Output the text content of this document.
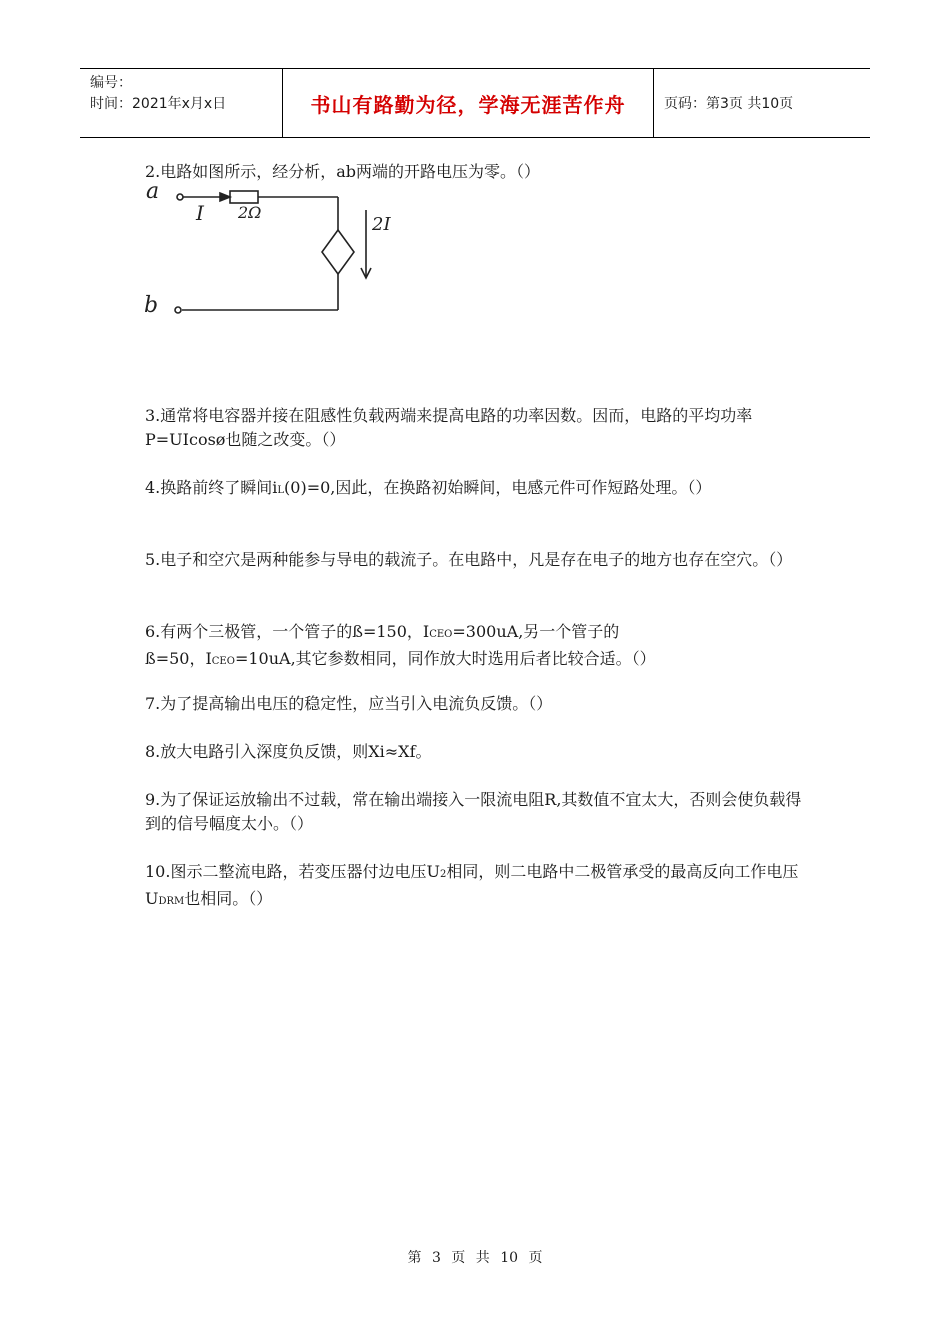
编号：
时间：2021年x月x日	书山有路勤为径，学海无涯苦作舟	页码：第3页 共10页

2.电路如图所示，经分析，ab两端的开路电压为零。（）

a
b
I 2Ω
2I

3.通常将电容器并接在阻感性负载两端来提高电路的功率因数。因而，电路的平均功率P=UIcosø也随之改变。（）

4.换路前终了瞬间iL(0)=0,因此，在换路初始瞬间，电感元件可作短路处理。（）

5.电子和空穴是两种能参与导电的载流子。在电路中，凡是存在电子的地方也存在空穴。（）

6.有两个三极管，一个管子的ß=150，ICEO=300uA,另一个管子的

ß=50，ICEO=10uA,其它参数相同，同作放大时选用后者比较合适。（）

7.为了提高输出电压的稳定性，应当引入电流负反馈。（）

8.放大电路引入深度负反馈，则Xi≈Xf。

9.为了保证运放输出不过载，常在输出端接入一限流电阻R,其数值不宜太大，否则会使负载得到的信号幅度太小。（）

10.图示二整流电路，若变压器付边电压U2相同，则二电路中二极管承受的最高反向工作电压UDRM也相同。（）

第 3 页 共 10 页
